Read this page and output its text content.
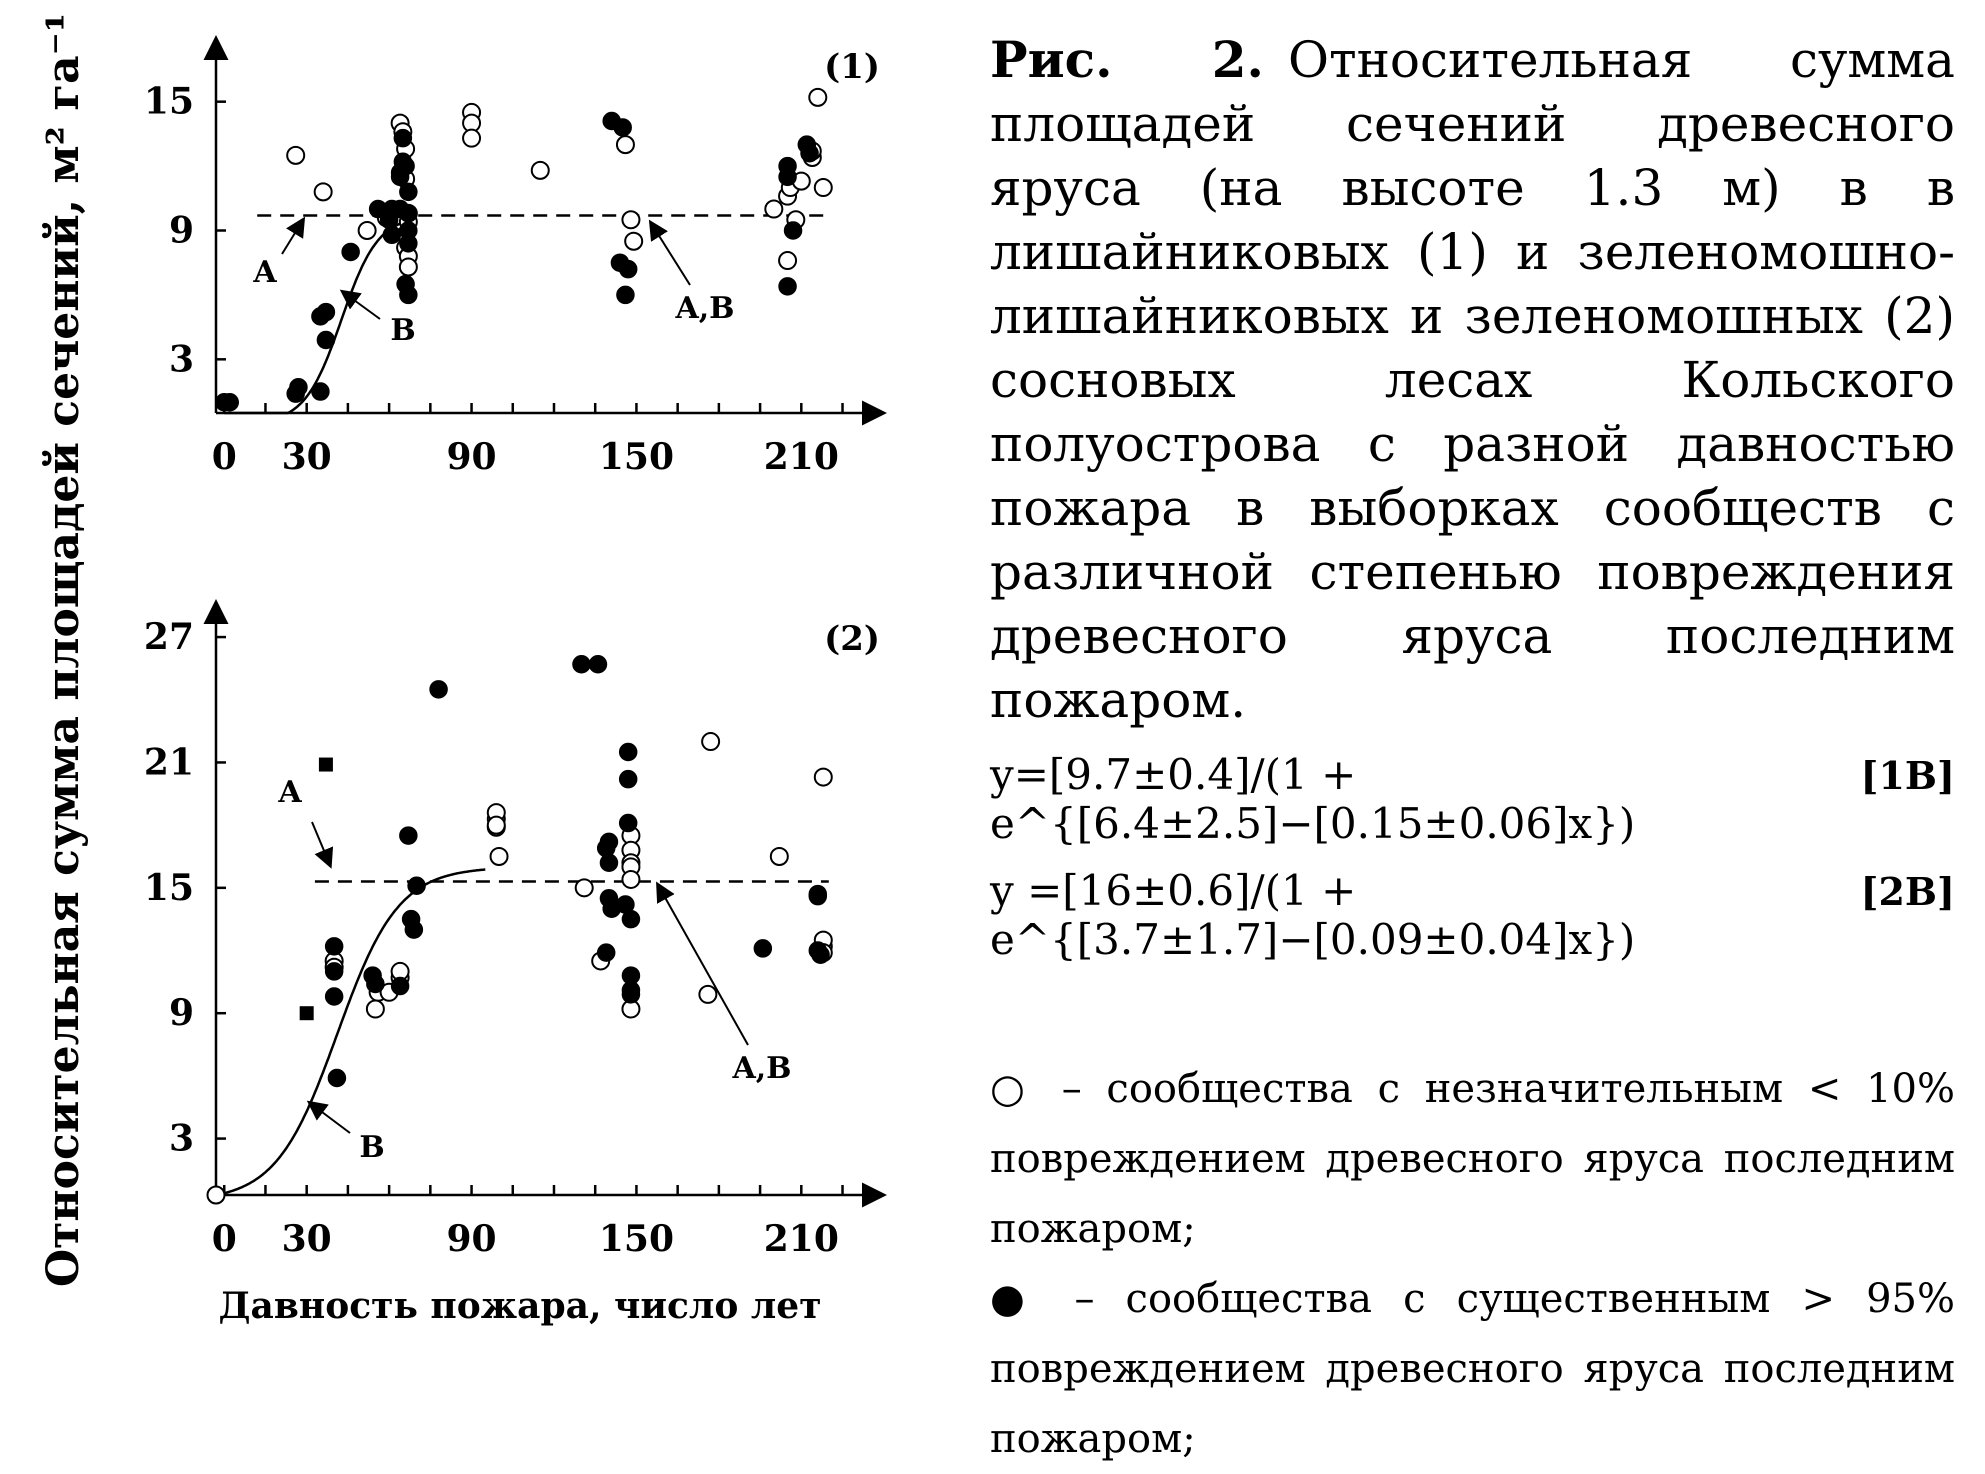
Относительная сумма площадей сечений, м² га⁻¹ 3
9
15
0 30	90	150 210
A
B
A,B
(1)
3
9
15
21
27
0 30	90	150 210
A
B
A,B
(2)
Давность пожара, число лет

Рис. 2. Относительная сумма площадей сечений древесного яруса (на высоте 1.3 м) в в лишайниковых (1) и зеленомошно-лишайниковых и зеленомошных (2) сосновых лесах Кольского полуострова с разной давностью пожара в выборках сообществ с различной степенью повреждения древесного яруса последним пожаром.

y=[9.7±0.4]/(1 + e^{[6.4±2.5]−[0.15±0.06]x})
[1B]
y =[16±0.6]/(1 + e^{[3.7±1.7]−[0.09±0.04]x})
[2B]

○ – сообщества с незначительным < 10% повреждением древесного яруса последним пожаром;

● – сообщества с существенным > 95% повреждением древесного яруса последним пожаром;
